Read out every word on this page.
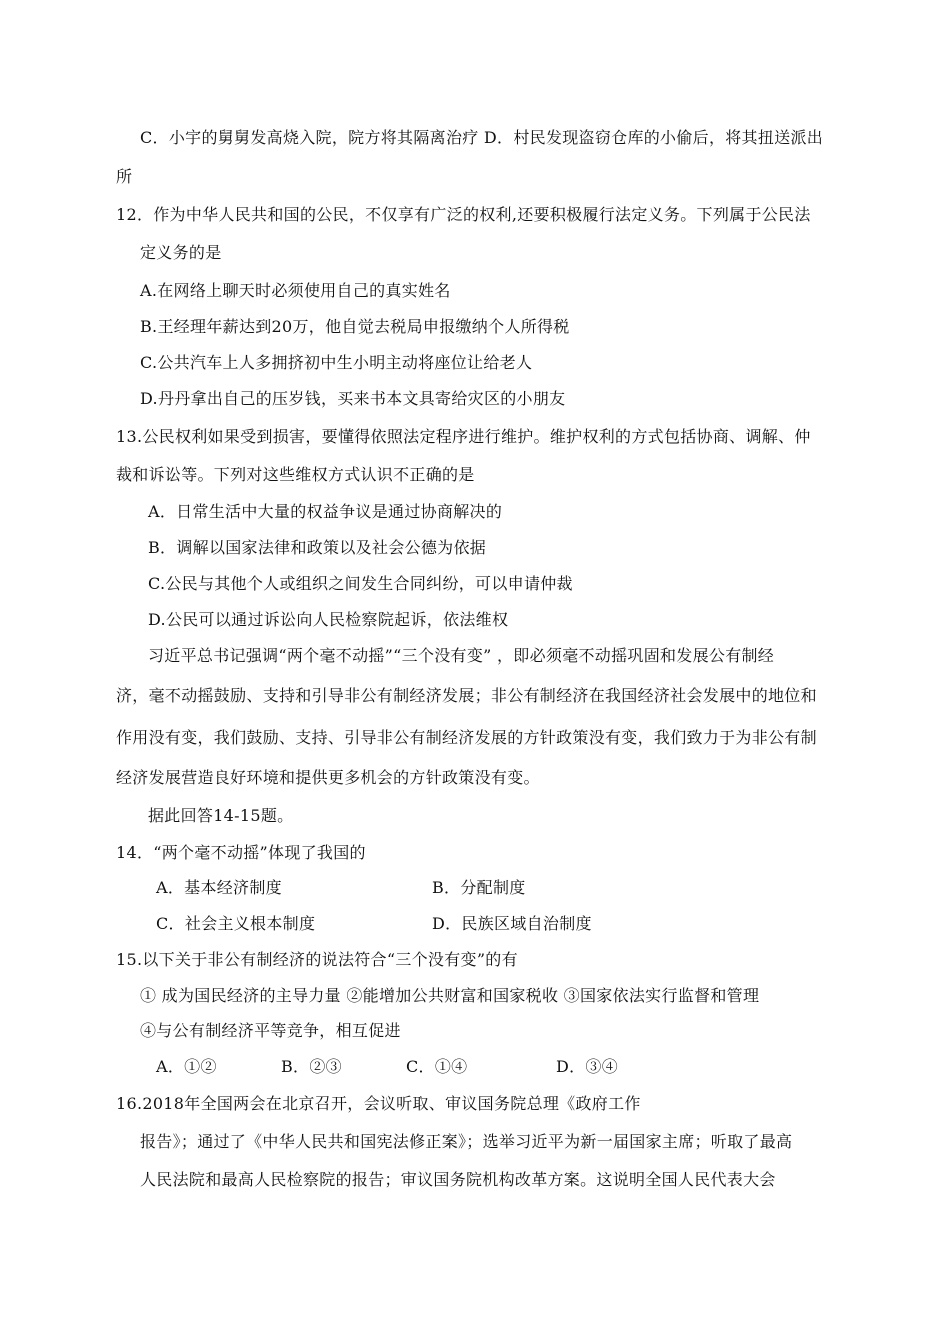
C．小宇的舅舅发高烧入院，院方将其隔离治疗 D．村民发现盗窃仓库的小偷后，将其扭送派出
所
12．作为中华人民共和国的公民，不仅享有广泛的权利,还要积极履行法定义务。下列属于公民法
定义务的是
A.在网络上聊天时必须使用自己的真实姓名
B.王经理年薪达到20万，他自觉去税局申报缴纳个人所得税
C.公共汽车上人多拥挤初中生小明主动将座位让给老人
D.丹丹拿出自己的压岁钱，买来书本文具寄给灾区的小朋友
13.公民权利如果受到损害，要懂得依照法定程序进行维护。维护权利的方式包括协商、调解、仲
裁和诉讼等。下列对这些维权方式认识不正确的是
A．日常生活中大量的权益争议是通过协商解决的
B．调解以国家法律和政策以及社会公德为依据
C.公民与其他个人或组织之间发生合同纠纷，可以申请仲裁
D.公民可以通过诉讼向人民检察院起诉，依法维权
习近平总书记强调“两个毫不动摇”“三个没有变” ，即必须毫不动摇巩固和发展公有制经
济，毫不动摇鼓励、支持和引导非公有制经济发展；非公有制经济在我国经济社会发展中的地位和
作用没有变，我们鼓励、支持、引导非公有制经济发展的方针政策没有变，我们致力于为非公有制
经济发展营造良好环境和提供更多机会的方针政策没有变。
据此回答14-15题。
14．“两个毫不动摇”体现了我国的
A．基本经济制度	B．分配制度
C．社会主义根本制度	D．民族区域自治制度
15.以下关于非公有制经济的说法符合“三个没有变”的有
① 成为国民经济的主导力量 ②能增加公共财富和国家税收 ③国家依法实行监督和管理
④与公有制经济平等竞争，相互促进
A．①②	B．②③	C．①④	D．③④
16.2018年全国两会在北京召开，会议听取、审议国务院总理《政府工作
报告》；通过了《中华人民共和国宪法修正案》；选举习近平为新一届国家主席；听取了最高
人民法院和最高人民检察院的报告；审议国务院机构改革方案。这说明全国人民代表大会
